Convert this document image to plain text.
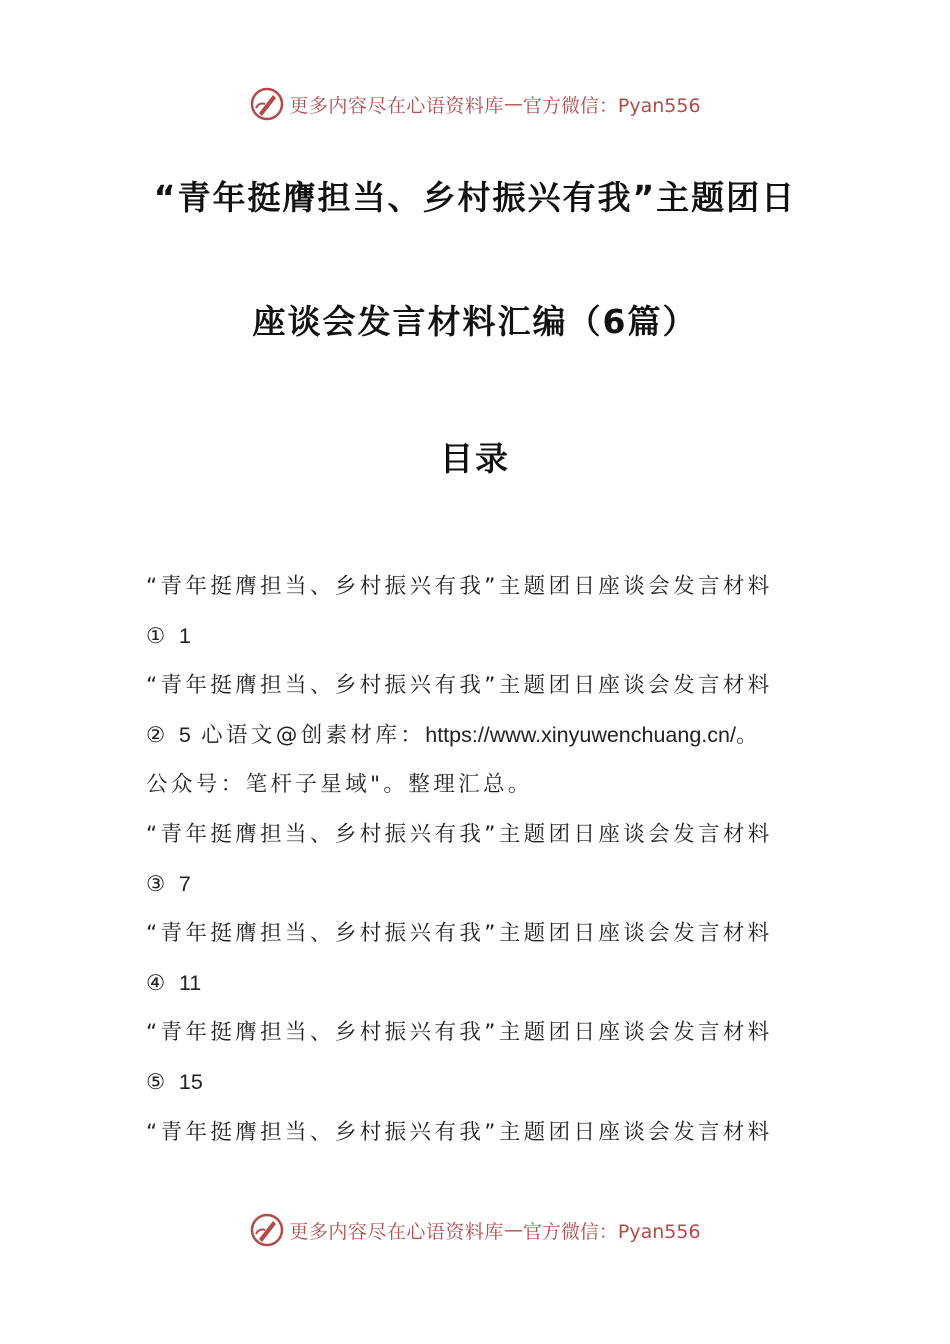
更多内容尽在心语资料库 — 官方微信：Pyan556
“青年挺膺担当、乡村振兴有我”主题团日
座谈会发言材料汇编（6篇）
目录
“青年挺膺担当、乡村振兴有我”主题团日座谈会发言材料
① 1
“青年挺膺担当、乡村振兴有我”主题团日座谈会发言材料
② 5 心语文@创素材库：https://www.xinyuwenchuang.cn/。
公众号：笔杆子星域"。整理汇总。
“青年挺膺担当、乡村振兴有我”主题团日座谈会发言材料
③ 7
“青年挺膺担当、乡村振兴有我”主题团日座谈会发言材料
④ 11
“青年挺膺担当、乡村振兴有我”主题团日座谈会发言材料
⑤ 15
“青年挺膺担当、乡村振兴有我”主题团日座谈会发言材料
更多内容尽在心语资料库 — 官方微信：Pyan556
